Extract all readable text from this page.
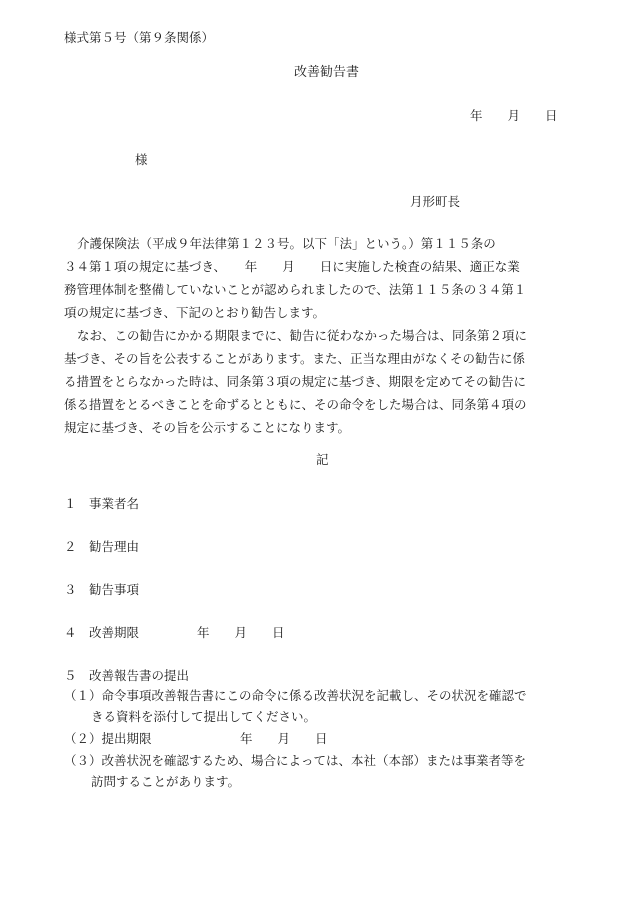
様式第５号（第９条関係）
改善勧告書
年　　月　　日
様
月形町長
介護保険法（平成９年法律第１２３号。以下「法」という。）第１１５条の
３４第１項の規定に基づき、　　年　　月　　日に実施した検査の結果、適正な業
務管理体制を整備していないことが認められましたので、法第１１５条の３４第１
項の規定に基づき、下記のとおり勧告します。
なお、この勧告にかかる期限までに、勧告に従わなかった場合は、同条第２項に
基づき、その旨を公表することがあります。また、正当な理由がなくその勧告に係
る措置をとらなかった時は、同条第３項の規定に基づき、期限を定めてその勧告に
係る措置をとるべきことを命ずるとともに、その命令をした場合は、同条第４項の
規定に基づき、その旨を公示することになります。
記
１　事業者名
２　勧告理由
３　勧告事項
４　改善期限	年　　月　　日
５　改善報告書の提出
（１）命令事項改善報告書にこの命令に係る改善状況を記載し、その状況を確認で
きる資料を添付して提出してください。
（２）提出期限	年　　月　　日
（３）改善状況を確認するため、場合によっては、本社（本部）または事業者等を
訪問することがあります。
